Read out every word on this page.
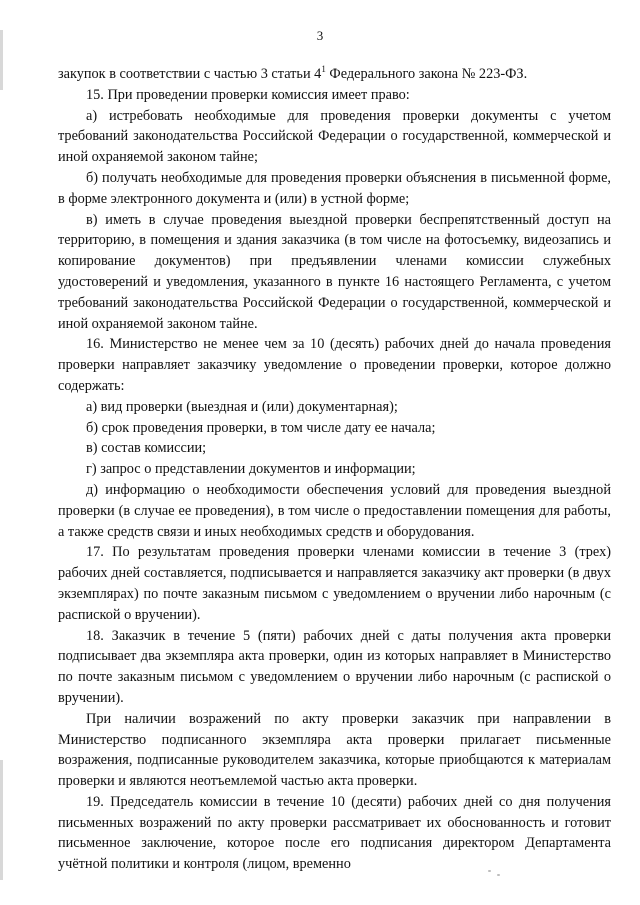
3

закупок в соответствии с частью 3 статьи $4^1$ Федерального закона № 223-ФЗ.

15. При проведении проверки комиссия имеет право:

а) истребовать необходимые для проведения проверки документы с учетом требований законодательства Российской Федерации о государственной, коммерческой и иной охраняемой законом тайне;

б) получать необходимые для проведения проверки объяснения в письменной форме, в форме электронного документа и (или) в устной форме;

в) иметь в случае проведения выездной проверки беспрепятственный доступ на территорию, в помещения и здания заказчика (в том числе на фотосъемку, видеозапись и копирование документов) при предъявлении членами комиссии служебных удостоверений и уведомления, указанного в пункте 16 настоящего Регламента, с учетом требований законодательства Российской Федерации о государственной, коммерческой и иной охраняемой законом тайне.

16. Министерство не менее чем за 10 (десять) рабочих дней до начала проведения проверки направляет заказчику уведомление о проведении проверки, которое должно содержать:

а) вид проверки (выездная и (или) документарная);

б) срок проведения проверки, в том числе дату ее начала;

в) состав комиссии;

г) запрос о представлении документов и информации;

д) информацию о необходимости обеспечения условий для проведения выездной проверки (в случае ее проведения), в том числе о предоставлении помещения для работы, а также средств связи и иных необходимых средств и оборудования.

17. По результатам проведения проверки членами комиссии в течение 3 (трех) рабочих дней составляется, подписывается и направляется заказчику акт проверки (в двух экземплярах) по почте заказным письмом с уведомлением о вручении либо нарочным (с распиской о вручении).

18. Заказчик в течение 5 (пяти) рабочих дней с даты получения акта проверки подписывает два экземпляра акта проверки, один из которых направляет в Министерство по почте заказным письмом с уведомлением о вручении либо нарочным (с распиской о вручении).

При наличии возражений по акту проверки заказчик при направлении в Министерство подписанного экземпляра акта проверки прилагает письменные возражения, подписанные руководителем заказчика, которые приобщаются к материалам проверки и являются неотъемлемой частью акта проверки.

19. Председатель комиссии в течение 10 (десяти) рабочих дней со дня получения письменных возражений по акту проверки рассматривает их обоснованность и готовит письменное заключение, которое после его подписания директором Департамента учётной политики и контроля (лицом, временно
